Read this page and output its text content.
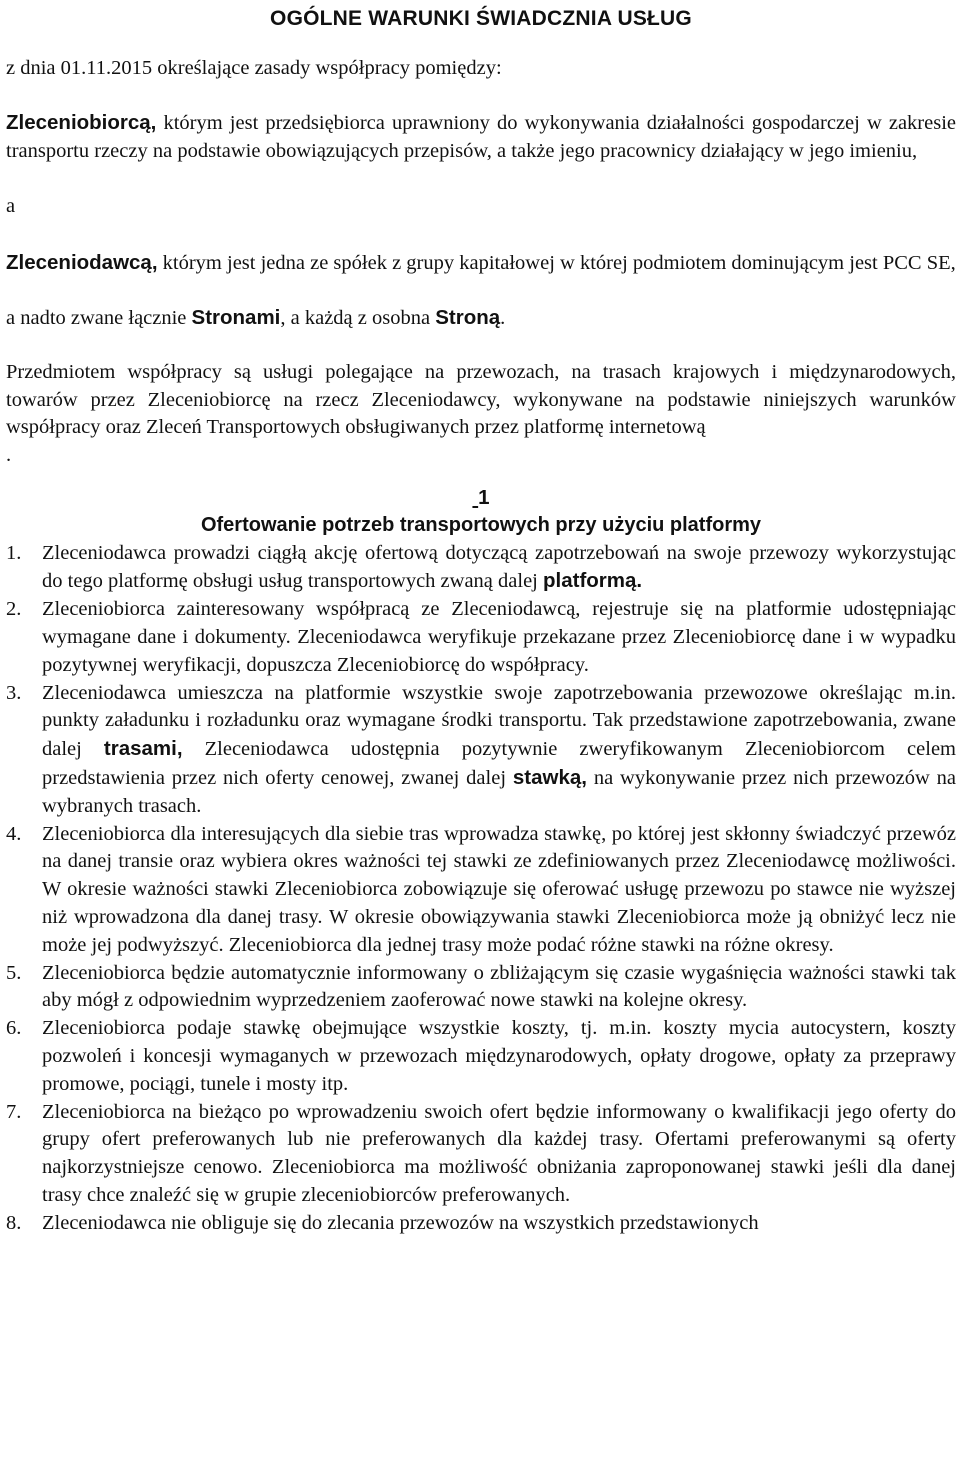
OGÓLNE WARUNKI ŚWIADCZNIA USŁUG

z dnia 01.11.2015 określające zasady współpracy pomiędzy:

Zleceniobiorcą, którym jest przedsiębiorca uprawniony do wykonywania działalności gospodarczej w zakresie transportu rzeczy na podstawie obowiązujących przepisów, a także jego pracownicy działający w jego imieniu,

a

Zleceniodawcą, którym jest jedna ze spółek z grupy kapitałowej w której podmiotem dominującym jest PCC SE,

a nadto zwane łącznie Stronami, a każdą z osobna Stroną.

Przedmiotem współpracy są usługi polegające na przewozach, na trasach krajowych i międzynarodowych, towarów przez Zleceniobiorcę na rzecz Zleceniodawcy, wykonywane na podstawie niniejszych warunków współpracy oraz Zleceń Transportowych obsługiwanych przez platformę internetową

.

1

Ofertowanie potrzeb transportowych przy użyciu platformy

1. Zleceniodawca prowadzi ciągłą akcję ofertową dotyczącą zapotrzebowań na swoje przewozy wykorzystując do tego platformę obsługi usług transportowych zwaną dalej platformą.
2. Zleceniobiorca zainteresowany współpracą ze Zleceniodawcą, rejestruje się na platformie udostępniając wymagane dane i dokumenty. Zleceniodawca weryfikuje przekazane przez Zleceniobiorcę dane i w wypadku pozytywnej weryfikacji, dopuszcza Zleceniobiorcę do współpracy.
3. Zleceniodawca umieszcza na platformie wszystkie swoje zapotrzebowania przewozowe określając m.in. punkty załadunku i rozładunku oraz wymagane środki transportu. Tak przedstawione zapotrzebowania, zwane dalej trasami, Zleceniodawca udostępnia pozytywnie zweryfikowanym Zleceniobiorcom celem przedstawienia przez nich oferty cenowej, zwanej dalej stawką, na wykonywanie przez nich przewozów na wybranych trasach.
4. Zleceniobiorca dla interesujących dla siebie tras wprowadza stawkę, po której jest skłonny świadczyć przewóz na danej transie oraz wybiera okres ważności tej stawki ze zdefiniowanych przez Zleceniodawcę możliwości. W okresie ważności stawki Zleceniobiorca zobowiązuje się oferować usługę przewozu po stawce nie wyższej niż wprowadzona dla danej trasy. W okresie obowiązywania stawki Zleceniobiorca może ją obniżyć lecz nie może jej podwyższyć. Zleceniobiorca dla jednej trasy może podać różne stawki na różne okresy.
5. Zleceniobiorca będzie automatycznie informowany o zbliżającym się czasie wygaśnięcia ważności stawki tak aby mógł z odpowiednim wyprzedzeniem zaoferować nowe stawki na kolejne okresy.
6. Zleceniobiorca podaje stawkę obejmujące wszystkie koszty, tj. m.in. koszty mycia autocystern, koszty pozwoleń i koncesji wymaganych w przewozach międzynarodowych, opłaty drogowe, opłaty za przeprawy promowe, pociągi, tunele i mosty itp.
7. Zleceniobiorca na bieżąco po wprowadzeniu swoich ofert będzie informowany o kwalifikacji jego oferty do grupy ofert preferowanych lub nie preferowanych dla każdej trasy. Ofertami preferowanymi są oferty najkorzystniejsze cenowo. Zleceniobiorca ma możliwość obniżania zaproponowanej stawki jeśli dla danej trasy chce znaleźć się w grupie zleceniobiorców preferowanych.
8. Zleceniodawca nie obliguje się do zlecania przewozów na wszystkich przedstawionych
